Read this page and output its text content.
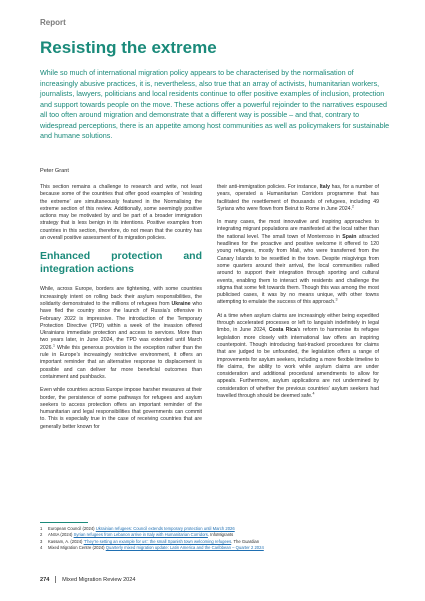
Report
Resisting the extreme

While so much of international migration policy appears to be characterised by the normalisation of increasingly abusive practices, it is, nevertheless, also true that an array of activists, humanitarian workers, journalists, lawyers, politicians and local residents continue to offer positive examples of inclusion, protection and support towards people on the move. These actions offer a powerful rejoinder to the narratives espoused all too often around migration and demonstrate that a different way is possible – and that, contrary to widespread perceptions, there is an appetite among host communities as well as policymakers for sustainable and humane solutions.

Peter Grant

This section remains a challenge to research and write, not least because some of the countries that offer good examples of ‘resisting the extreme’ are simultaneously featured in the Normalising the extreme section of this review. Additionally, some seemingly positive actions may be motivated by and be part of a broader immigration strategy that is less benign in its intentions. Positive examples from countries in this section, therefore, do not mean that the country has an overall positive assessment of its migration policies.

Enhanced protection and integration actions

While, across Europe, borders are tightening, with some countries increasingly intent on rolling back their asylum responsibilities, the solidarity demonstrated to the millions of refugees from Ukraine who have fled the country since the launch of Russia’s offensive in February 2022 is impressive. The introduction of the Temporary Protection Directive (TPD) within a week of the invasion offered Ukrainians immediate protection and access to services. More than two years later, in June 2024, the TPD was extended until March 2026.$^1$ While this generous provision is the exception rather than the rule in Europe’s increasingly restrictive environment, it offers an important reminder that an alternative response to displacement is possible and can deliver far more beneficial outcomes than containment and pushbacks.

Even while countries across Europe impose harsher measures at their border, the persistence of some pathways for refugees and asylum seekers to access protection offers an important reminder of the humanitarian and legal responsibilities that governments can commit to. This is especially true in the case of receiving countries that are generally better known for

their anti-immigration policies. For instance, Italy has, for a number of years, operated a Humanitarian Corridors programme that has facilitated the resettlement of thousands of refugees, including 49 Syrians who were flown from Beirut to Rome in June 2024.$^2$

In many cases, the most innovative and inspiring approaches to integrating migrant populations are manifested at the local rather than the national level. The small town of Monterroso in Spain attracted headlines for the proactive and positive welcome it offered to 120 young refugees, mostly from Mali, who were transferred from the Canary Islands to be resettled in the town. Despite misgivings from some quarters around their arrival, the local communities rallied around to support their integration through sporting and cultural events, enabling them to interact with residents and challenge the stigma that some felt towards them. Though this was among the most publicised cases, it was by no means unique, with other towns attempting to emulate the success of this approach.$^3$

At a time when asylum claims are increasingly either being expedited through accelerated processes or left to languish indefinitely in legal limbo, in June 2024, Costa Rica’s reform to harmonise its refugee legislation more closely with international law offers an inspiring counterpoint. Though introducing fast-tracked procedures for claims that are judged to be unfounded, the legislation offers a range of improvements for asylum seekers, including a more flexible timeline to file claims, the ability to work while asylum claims are under consideration and additional procedural amendments to allow for appeals. Furthermore, asylum applications are not undermined by consideration of whether the previous countries’ asylum seekers had travelled through should be deemed safe.$^4$

1	European Council (2024) Ukrainian refugees: Council extends temporary protection until March 2026
2	ANSA (2024) Syrian refugees from Lebanon arrive in Italy with Humanitarian Corridors. InfoMigrants
3	Kassam, A. (2024) ‘They’re setting an example for us’: the small Spanish town welcoming refugees. The Guardian
4	Mixed Migration Centre (2024) Quarterly mixed migration update: Latin America and the Caribbean – Quarter 2 2024
274 Mixed Migration Review 2024
